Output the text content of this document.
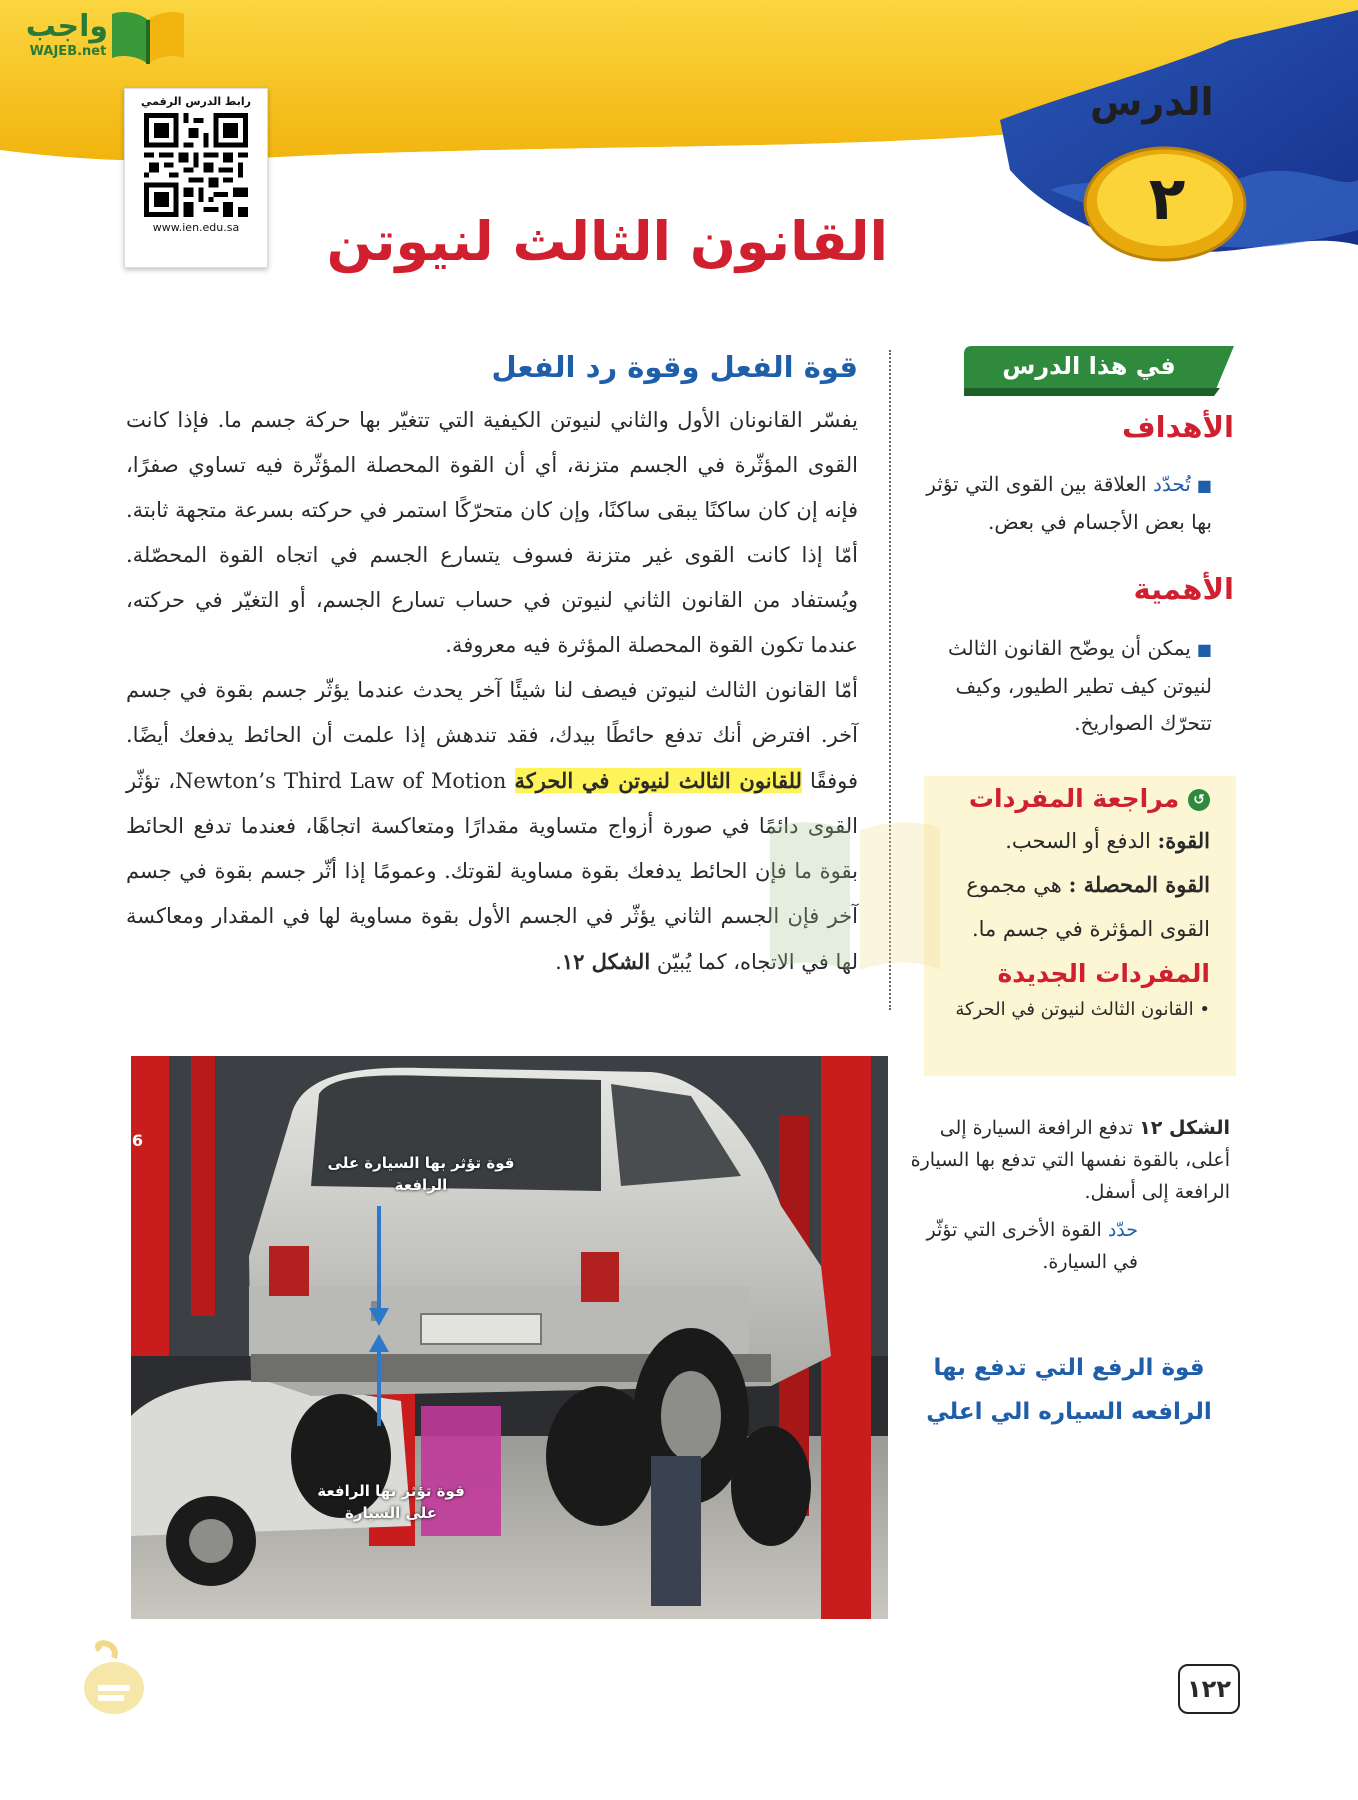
واجب
WAJEB.net
رابط الدرس الرقمي
www.ien.edu.sa
الدرس
٢
القانون الثالث لنيوتن
قوة الفعل وقوة رد الفعل

يفسّر القانونان الأول والثاني لنيوتن الكيفية التي تتغيّر بها حركة جسم ما. فإذا كانت القوى المؤثّرة في الجسم متزنة، أي أن القوة المحصلة المؤثّرة فيه تساوي صفرًا، فإنه إن كان ساكنًا يبقى ساكنًا، وإن كان متحرّكًا استمر في حركته بسرعة متجهة ثابتة. أمّا إذا كانت القوى غير متزنة فسوف يتسارع الجسم في اتجاه القوة المحصّلة. ويُستفاد من القانون الثاني لنيوتن في حساب تسارع الجسم، أو التغيّر في حركته، عندما تكون القوة المحصلة المؤثرة فيه معروفة.

أمّا القانون الثالث لنيوتن فيصف لنا شيئًا آخر يحدث عندما يؤثّر جسم بقوة في جسم آخر. افترض أنك تدفع حائطًا بيدك، فقد تندهش إذا علمت أن الحائط يدفعك أيضًا. فوفقًا للقانون الثالث لنيوتن في الحركة Newton’s Third Law of Motion، تؤثّر القوى دائمًا في صورة أزواج متساوية مقدارًا ومتعاكسة اتجاهًا، فعندما تدفع الحائط بقوة ما فإن الحائط يدفعك بقوة مساوية لقوتك. وعمومًا إذا أثّر جسم بقوة في جسم آخر فإن الجسم الثاني يؤثّر في الجسم الأول بقوة مساوية لها في المقدار ومعاكسة لها في الاتجاه، كما يُبيّن الشكل ١٢.

في هذا الدرس
الأهداف
■تُحدّد العلاقة بين القوى التي تؤثر بها بعض الأجسام في بعض.
الأهمية
■يمكن أن يوضّح القانون الثالث لنيوتن كيف تطير الطيور، وكيف تتحرّك الصواريخ.
↺ مراجعة المفردات
القوة: الدفع أو السحب.
القوة المحصلة : هي مجموع القوى المؤثرة في جسم ما.
المفردات الجديدة
• القانون الثالث لنيوتن في الحركة
6
قوة تؤثر بها السيارة على الرافعة
قوة تؤثر بها الرافعة على السيارة
الشكل ١٢ تدفع الرافعة السيارة إلى أعلى، بالقوة نفسها التي تدفع بها السيارة الرافعة إلى أسفل.
حدّد القوة الأخرى التي تؤثّر في السيارة.
قوة الرفع التي تدفع بها الرافعه السياره الي اعلي
١٢٢
